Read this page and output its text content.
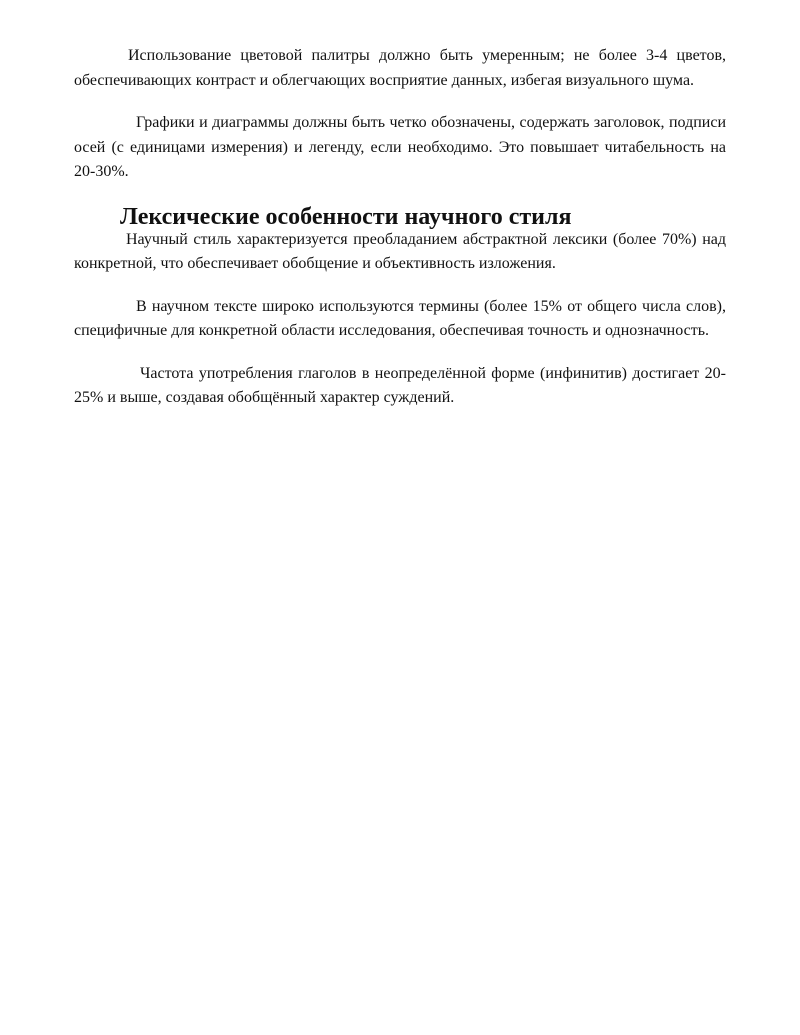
Использование цветовой палитры должно быть умеренным; не более 3-4 цветов, обеспечивающих контраст и облегчающих восприятие данных, избегая визуального шума.

Графики и диаграммы должны быть четко обозначены, содержать заголовок, подписи осей (с единицами измерения) и легенду, если необходимо. Это повышает читабельность на 20-30%.

Лексические особенности научного стиля

Научный стиль характеризуется преобладанием абстрактной лексики (более 70%) над конкретной, что обеспечивает обобщение и объективность изложения.

В научном тексте широко используются термины (более 15% от общего числа слов), специфичные для конкретной области исследования, обеспечивая точность и однозначность.

Частота употребления глаголов в неопределённой форме (инфинитив) достигает 20-25% и выше, создавая обобщённый характер суждений.
